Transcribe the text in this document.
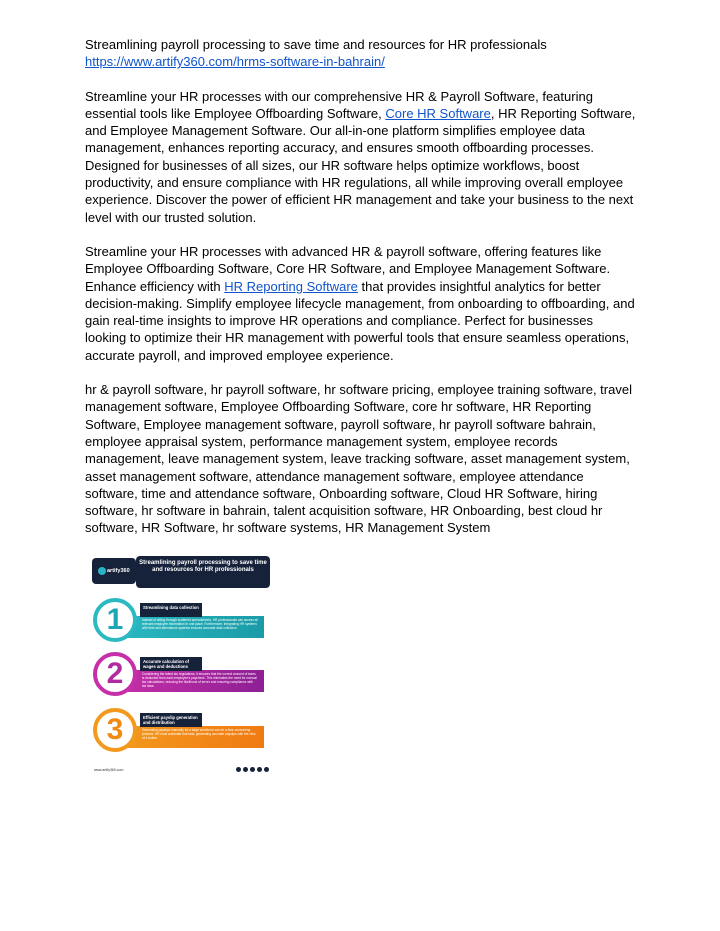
Streamlining payroll processing to save time and resources for HR professionals

https://www.artify360.com/hrms-software-in-bahrain/

Streamline your HR processes with our comprehensive HR & Payroll Software, featuring essential tools like Employee Offboarding Software, Core HR Software, HR Reporting Software, and Employee Management Software. Our all-in-one platform simplifies employee data management, enhances reporting accuracy, and ensures smooth offboarding processes. Designed for businesses of all sizes, our HR software helps optimize workflows, boost productivity, and ensure compliance with HR regulations, all while improving overall employee experience. Discover the power of efficient HR management and take your business to the next level with our trusted solution.

Streamline your HR processes with advanced HR & payroll software, offering features like Employee Offboarding Software, Core HR Software, and Employee Management Software. Enhance efficiency with HR Reporting Software that provides insightful analytics for better decision-making. Simplify employee lifecycle management, from onboarding to offboarding, and gain real-time insights to improve HR operations and compliance. Perfect for businesses looking to optimize their HR management with powerful tools that ensure seamless operations, accurate payroll, and improved employee experience.

hr & payroll software, hr payroll software, hr software pricing, employee training software, travel management software, Employee Offboarding Software, core hr software, HR Reporting Software, Employee management software, payroll software, hr payroll software bahrain, employee appraisal system, performance management system, employee records management, leave management system, leave tracking software, asset management system, asset management software, attendance management software, employee attendance software, time and attendance software, Onboarding software, Cloud HR Software, hiring software, hr software in bahrain, talent acquisition software, HR Onboarding, best cloud hr software, HR Software, hr software systems, HR Management System

artify360
Streamlining payroll processing to save time and resources for HR professionals
Streamlining data collection
Instead of sifting through scattered spreadsheets, HR professionals can access all relevant employee information in one place. Furthermore, integrating HR systems with time and attendance systems ensures accurate data collection.
1
Accurate calculation of wages and deductions
Considering the latest tax regulations, it ensures that the correct amount of taxes is deducted from each employee's paycheck. This eliminates the need for manual tax calculations, reducing the likelihood of errors and ensuring compliance with tax laws.
2
Efficient payslip generation and distribution
Generating payslips manually for a large workforce can be a time-consuming process. HR tools automate that task, generating accurate payslips with the click of a button.
3
www.artify360.com
